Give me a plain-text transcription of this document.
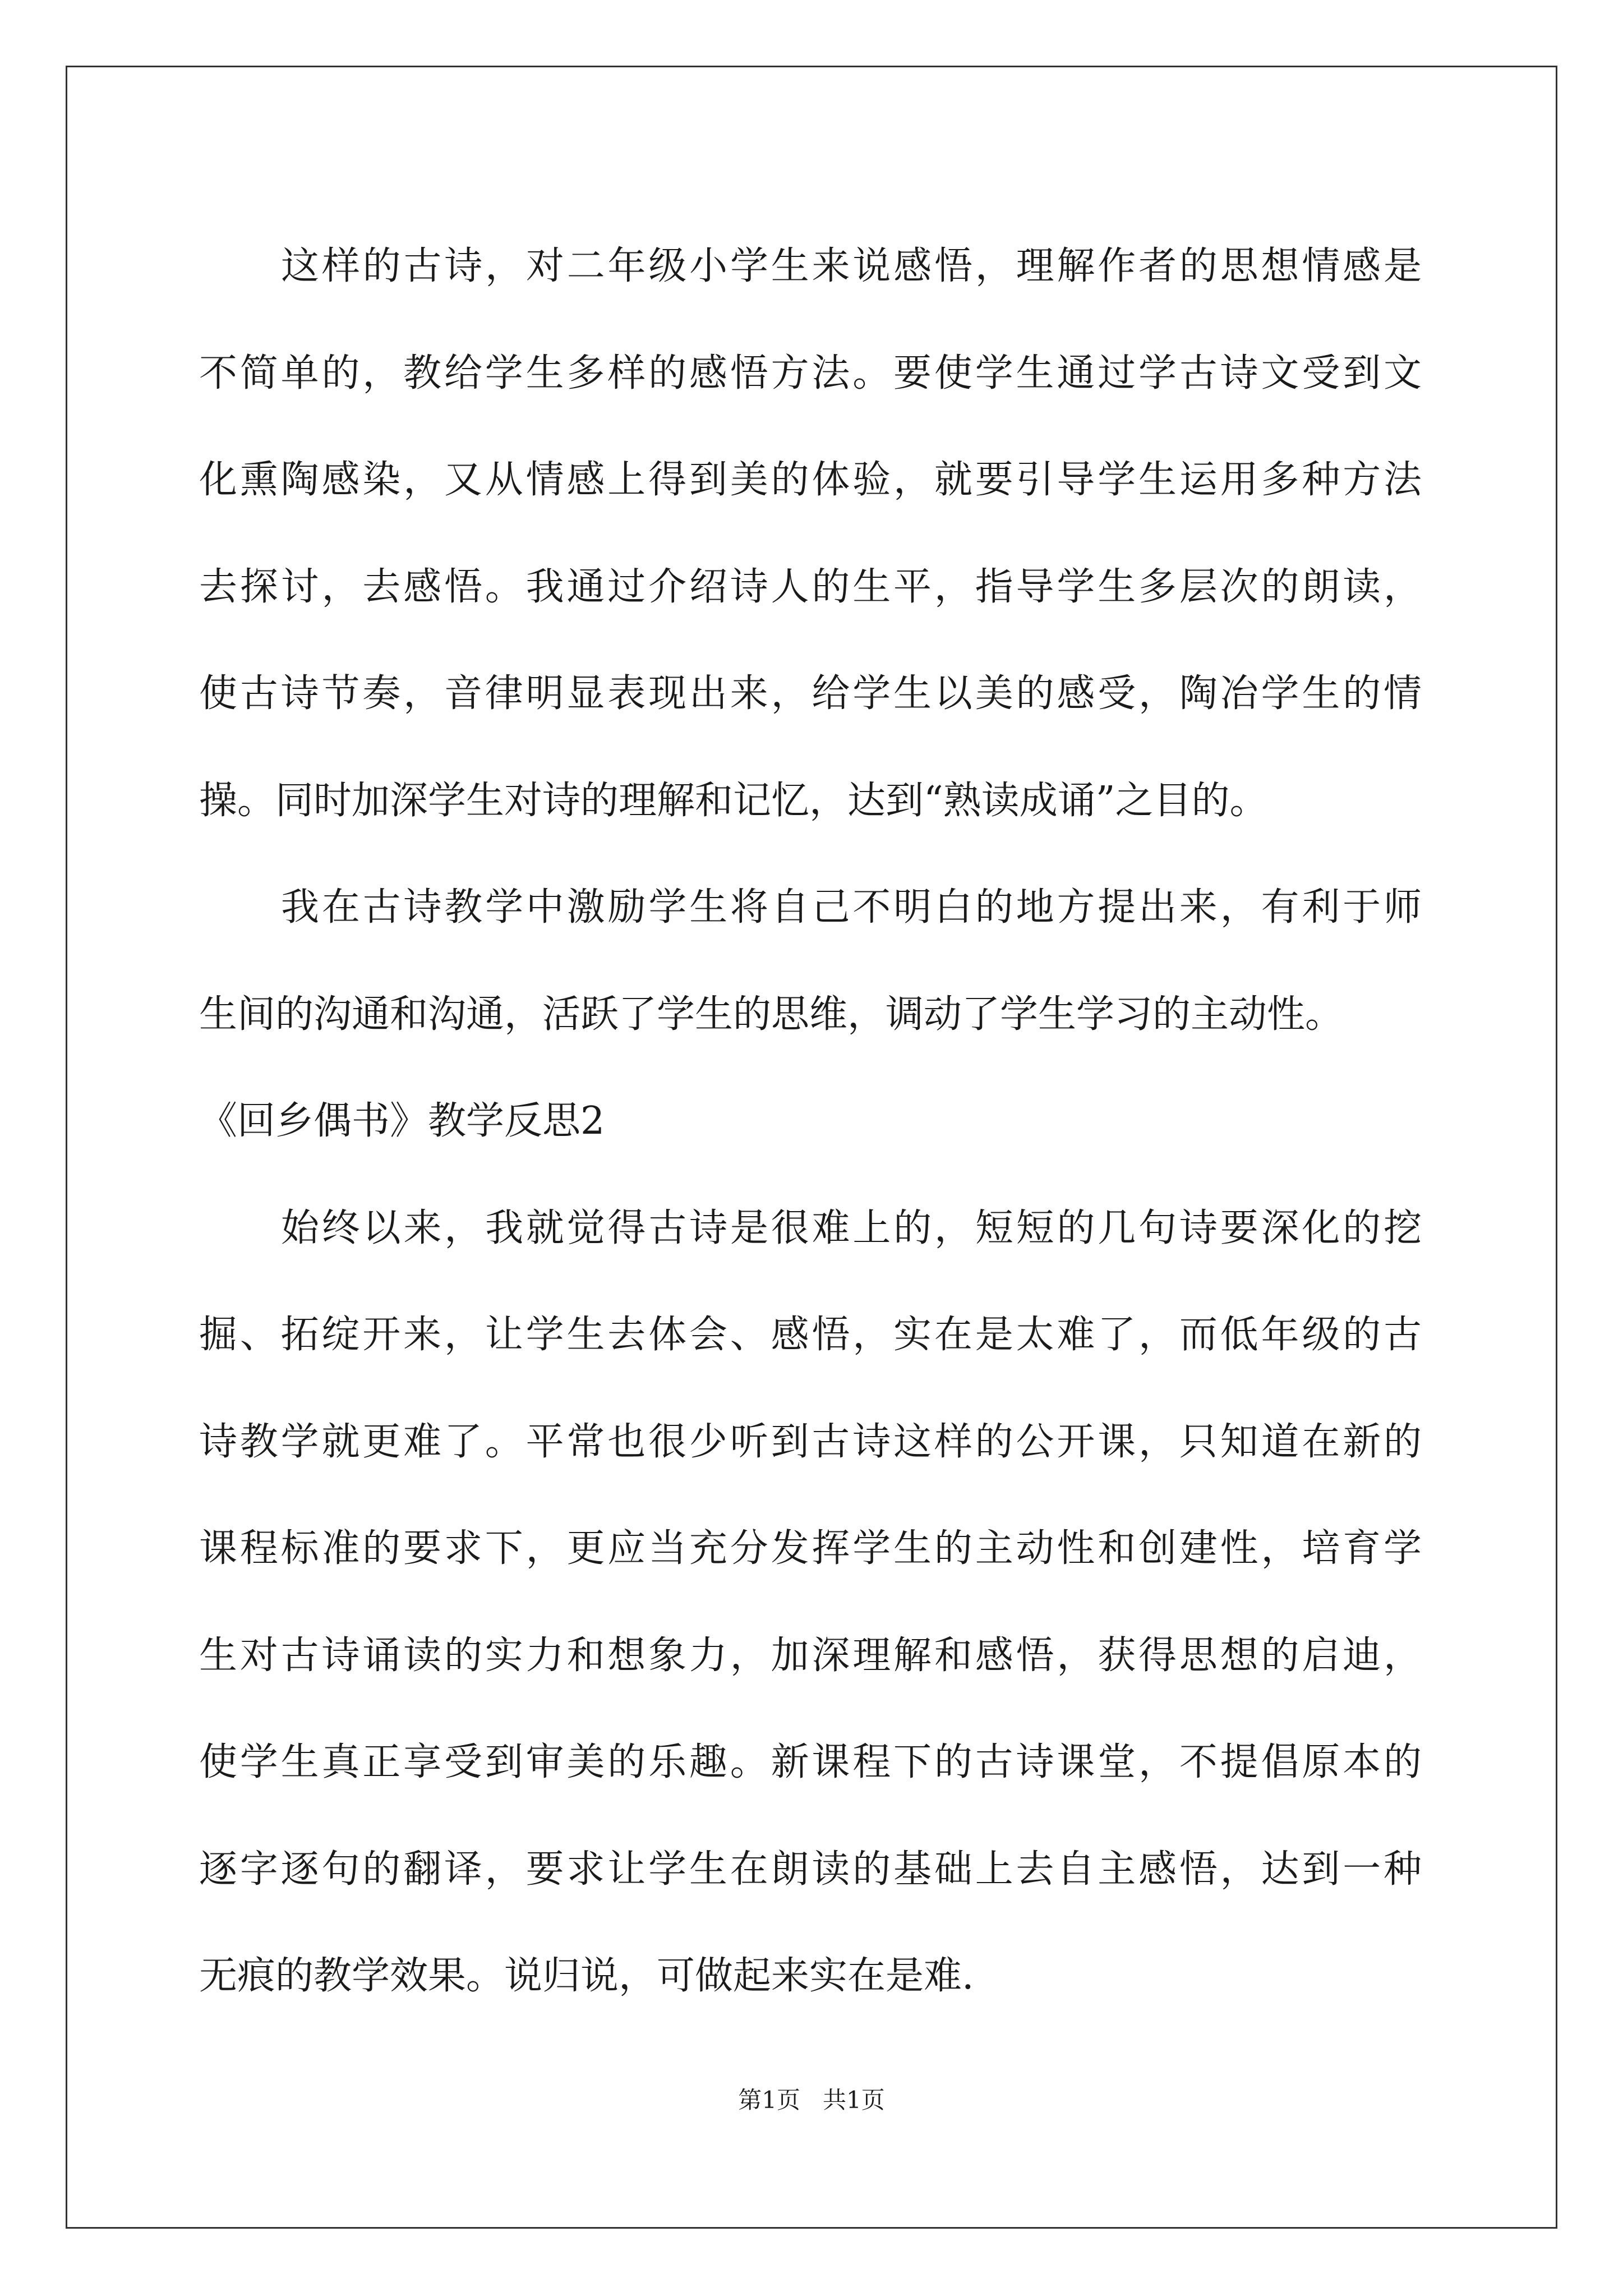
这样的古诗，对二年级小学生来说感悟，理解作者的思想情感是
不简单的，教给学生多样的感悟方法。要使学生通过学古诗文受到文
化熏陶感染，又从情感上得到美的体验，就要引导学生运用多种方法
去探讨，去感悟。我通过介绍诗人的生平，指导学生多层次的朗读，
使古诗节奏，音律明显表现出来，给学生以美的感受，陶冶学生的情
操。同时加深学生对诗的理解和记忆，达到“熟读成诵”之目的。
我在古诗教学中激励学生将自己不明白的地方提出来，有利于师
生间的沟通和沟通，活跃了学生的思维，调动了学生学习的主动性。
《回乡偶书》教学反思2
始终以来，我就觉得古诗是很难上的，短短的几句诗要深化的挖
掘、拓绽开来，让学生去体会、感悟，实在是太难了，而低年级的古
诗教学就更难了。平常也很少听到古诗这样的公开课，只知道在新的
课程标准的要求下，更应当充分发挥学生的主动性和创建性，培育学
生对古诗诵读的实力和想象力，加深理解和感悟，获得思想的启迪，
使学生真正享受到审美的乐趣。新课程下的古诗课堂，不提倡原本的
逐字逐句的翻译，要求让学生在朗读的基础上去自主感悟，达到一种
无痕的教学效果。说归说，可做起来实在是难.
第1页   共1页
